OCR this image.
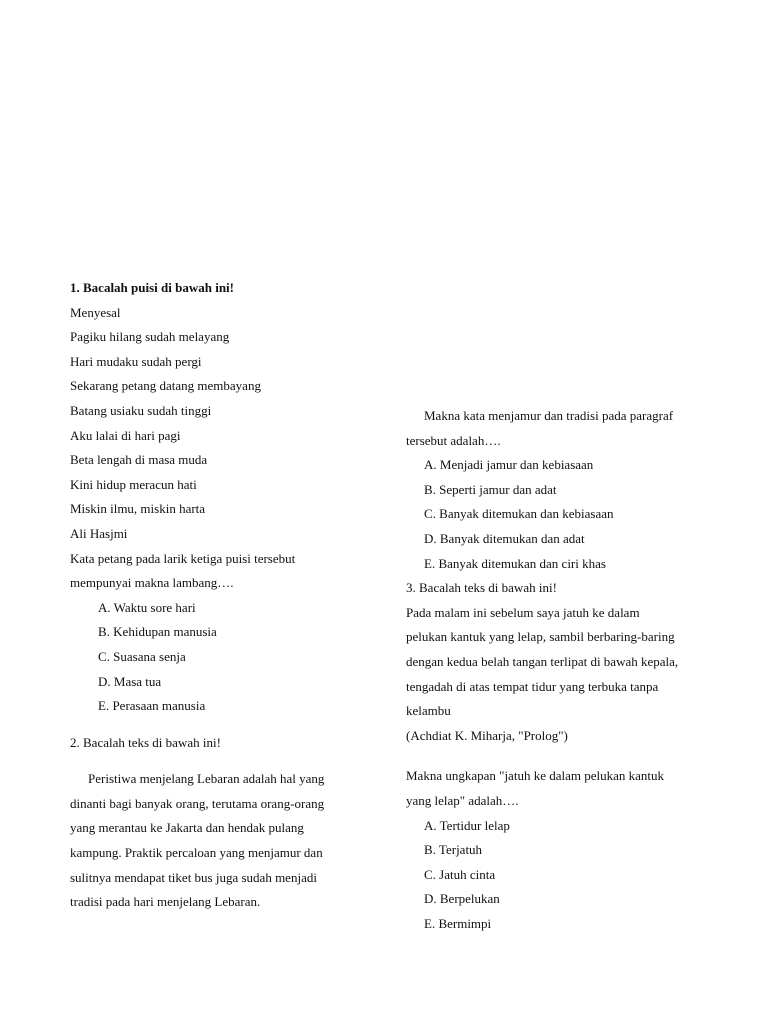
1. Bacalah puisi di bawah ini!
Menyesal
Pagiku hilang sudah melayang
Hari mudaku sudah pergi
Sekarang petang datang membayang
Batang usiaku sudah tinggi
Aku lalai di hari pagi
Beta lengah di masa muda
Kini hidup meracun hati
Miskin ilmu, miskin harta
Ali Hasjmi
Kata petang pada larik ketiga puisi tersebut
mempunyai makna lambang….
A. Waktu sore hari
B. Kehidupan manusia
C. Suasana senja
D. Masa tua
E. Perasaan manusia
2. Bacalah teks di bawah ini!
Peristiwa menjelang Lebaran adalah hal yang
dinanti bagi banyak orang, terutama orang-orang
yang merantau ke Jakarta dan hendak pulang
kampung. Praktik percaloan yang menjamur dan
sulitnya mendapat tiket bus juga sudah menjadi
tradisi pada hari menjelang Lebaran.
Makna kata menjamur dan tradisi pada paragraf
tersebut adalah….
A. Menjadi jamur dan kebiasaan
B. Seperti jamur dan adat
C. Banyak ditemukan dan kebiasaan
D. Banyak ditemukan dan adat
E. Banyak ditemukan dan ciri khas
3. Bacalah teks di bawah ini!
Pada malam ini sebelum saya jatuh ke dalam
pelukan kantuk yang lelap, sambil berbaring-baring
dengan kedua belah tangan terlipat di bawah kepala,
tengadah di atas tempat tidur yang terbuka tanpa
kelambu
(Achdiat K. Miharja, "Prolog")
Makna ungkapan "jatuh ke dalam pelukan kantuk
yang lelap" adalah….
A. Tertidur lelap
B. Terjatuh
C. Jatuh cinta
D. Berpelukan
E. Bermimpi
